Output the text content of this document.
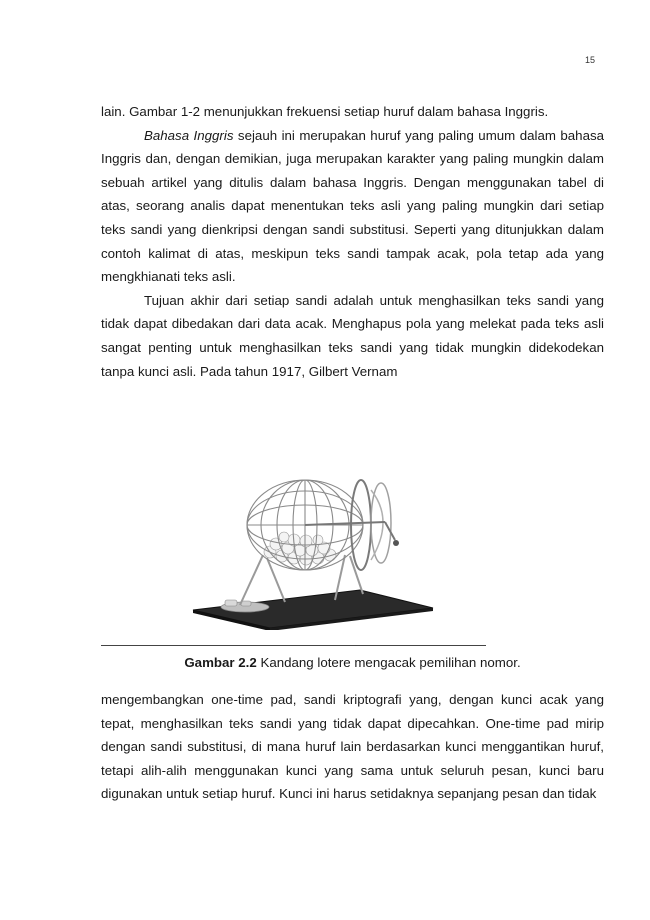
15

lain. Gambar 1-2 menunjukkan frekuensi setiap huruf dalam bahasa Inggris.

Bahasa Inggris sejauh ini merupakan huruf yang paling umum dalam bahasa Inggris dan, dengan demikian, juga merupakan karakter yang paling mungkin dalam sebuah artikel yang ditulis dalam bahasa Inggris. Dengan menggunakan tabel di atas, seorang analis dapat menentukan teks asli yang paling mungkin dari setiap teks sandi yang dienkripsi dengan sandi substitusi. Seperti yang ditunjukkan dalam contoh kalimat di atas, meskipun teks sandi tampak acak, pola tetap ada yang mengkhianati teks asli.

Tujuan akhir dari setiap sandi adalah untuk menghasilkan teks sandi yang tidak dapat dibedakan dari data acak. Menghapus pola yang melekat pada teks asli sangat penting untuk menghasilkan teks sandi yang tidak mungkin didekodekan tanpa kunci asli. Pada tahun 1917, Gilbert Vernam

Gambar 2.2 Kandang lotere mengacak pemilihan nomor.

mengembangkan one-time pad, sandi kriptografi yang, dengan kunci acak yang tepat, menghasilkan teks sandi yang tidak dapat dipecahkan. One-time pad mirip dengan sandi substitusi, di mana huruf lain berdasarkan kunci menggantikan huruf, tetapi alih-alih menggunakan kunci yang sama untuk seluruh pesan, kunci baru digunakan untuk setiap huruf. Kunci ini harus setidaknya sepanjang pesan dan tidak
